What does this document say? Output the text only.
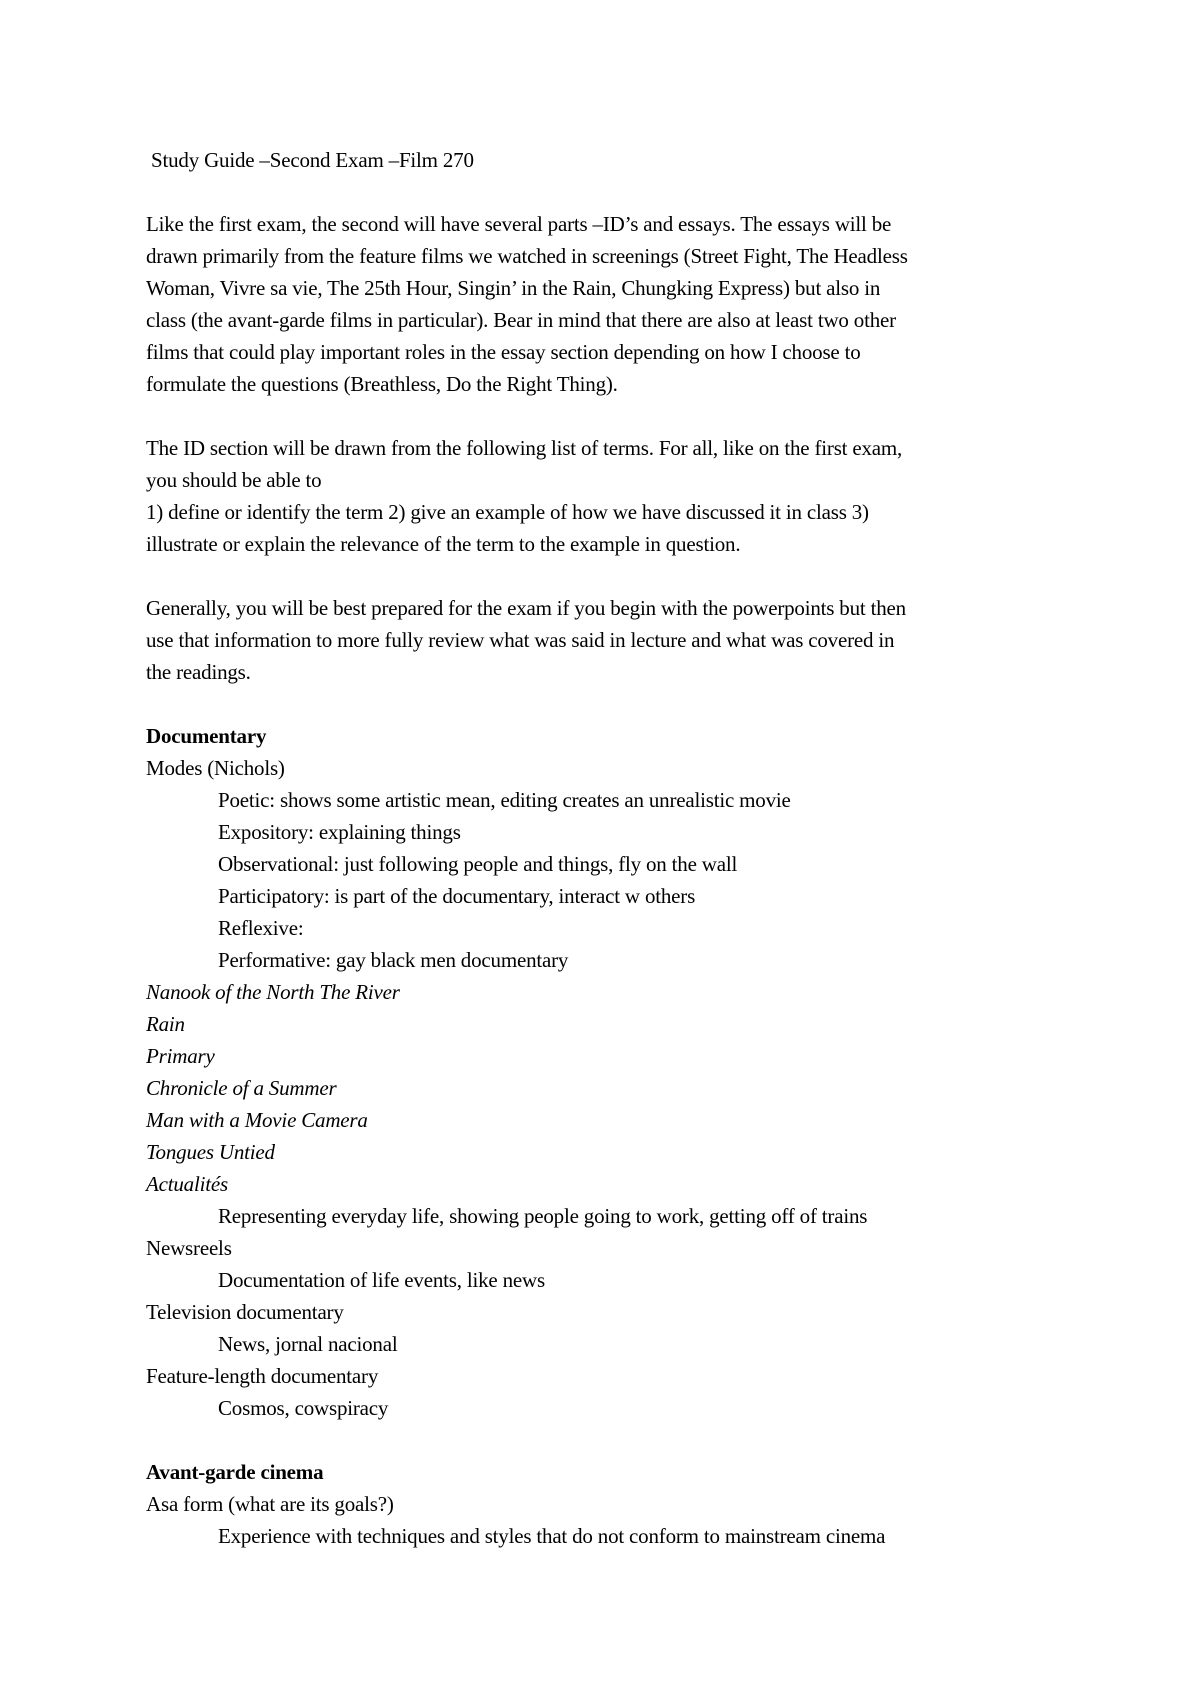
Study Guide –Second Exam –Film 270
Like the first exam, the second will have several parts –ID’s and essays. The essays will be
drawn primarily from the feature films we watched in screenings (Street Fight, The Headless
Woman, Vivre sa vie, The 25th Hour, Singin’ in the Rain, Chungking Express) but also in
class (the avant-garde films in particular). Bear in mind that there are also at least two other
films that could play important roles in the essay section depending on how I choose to
formulate the questions (Breathless, Do the Right Thing).
The ID section will be drawn from the following list of terms. For all, like on the first exam,
you should be able to
1) define or identify the term 2) give an example of how we have discussed it in class 3)
illustrate or explain the relevance of the term to the example in question.
Generally, you will be best prepared for the exam if you begin with the powerpoints but then
use that information to more fully review what was said in lecture and what was covered in
the readings.
Documentary
Modes (Nichols)
Poetic: shows some artistic mean, editing creates an unrealistic movie
Expository: explaining things
Observational: just following people and things, fly on the wall
Participatory: is part of the documentary, interact w others
Reflexive:
Performative: gay black men documentary
Nanook of the North The River
Rain
Primary
Chronicle of a Summer
Man with a Movie Camera
Tongues Untied
Actualités
Representing everyday life, showing people going to work, getting off of trains
Newsreels
Documentation of life events, like news
Television documentary
News, jornal nacional
Feature-length documentary
Cosmos, cowspiracy
Avant-garde cinema
Asa form (what are its goals?)
Experience with techniques and styles that do not conform to mainstream cinema
